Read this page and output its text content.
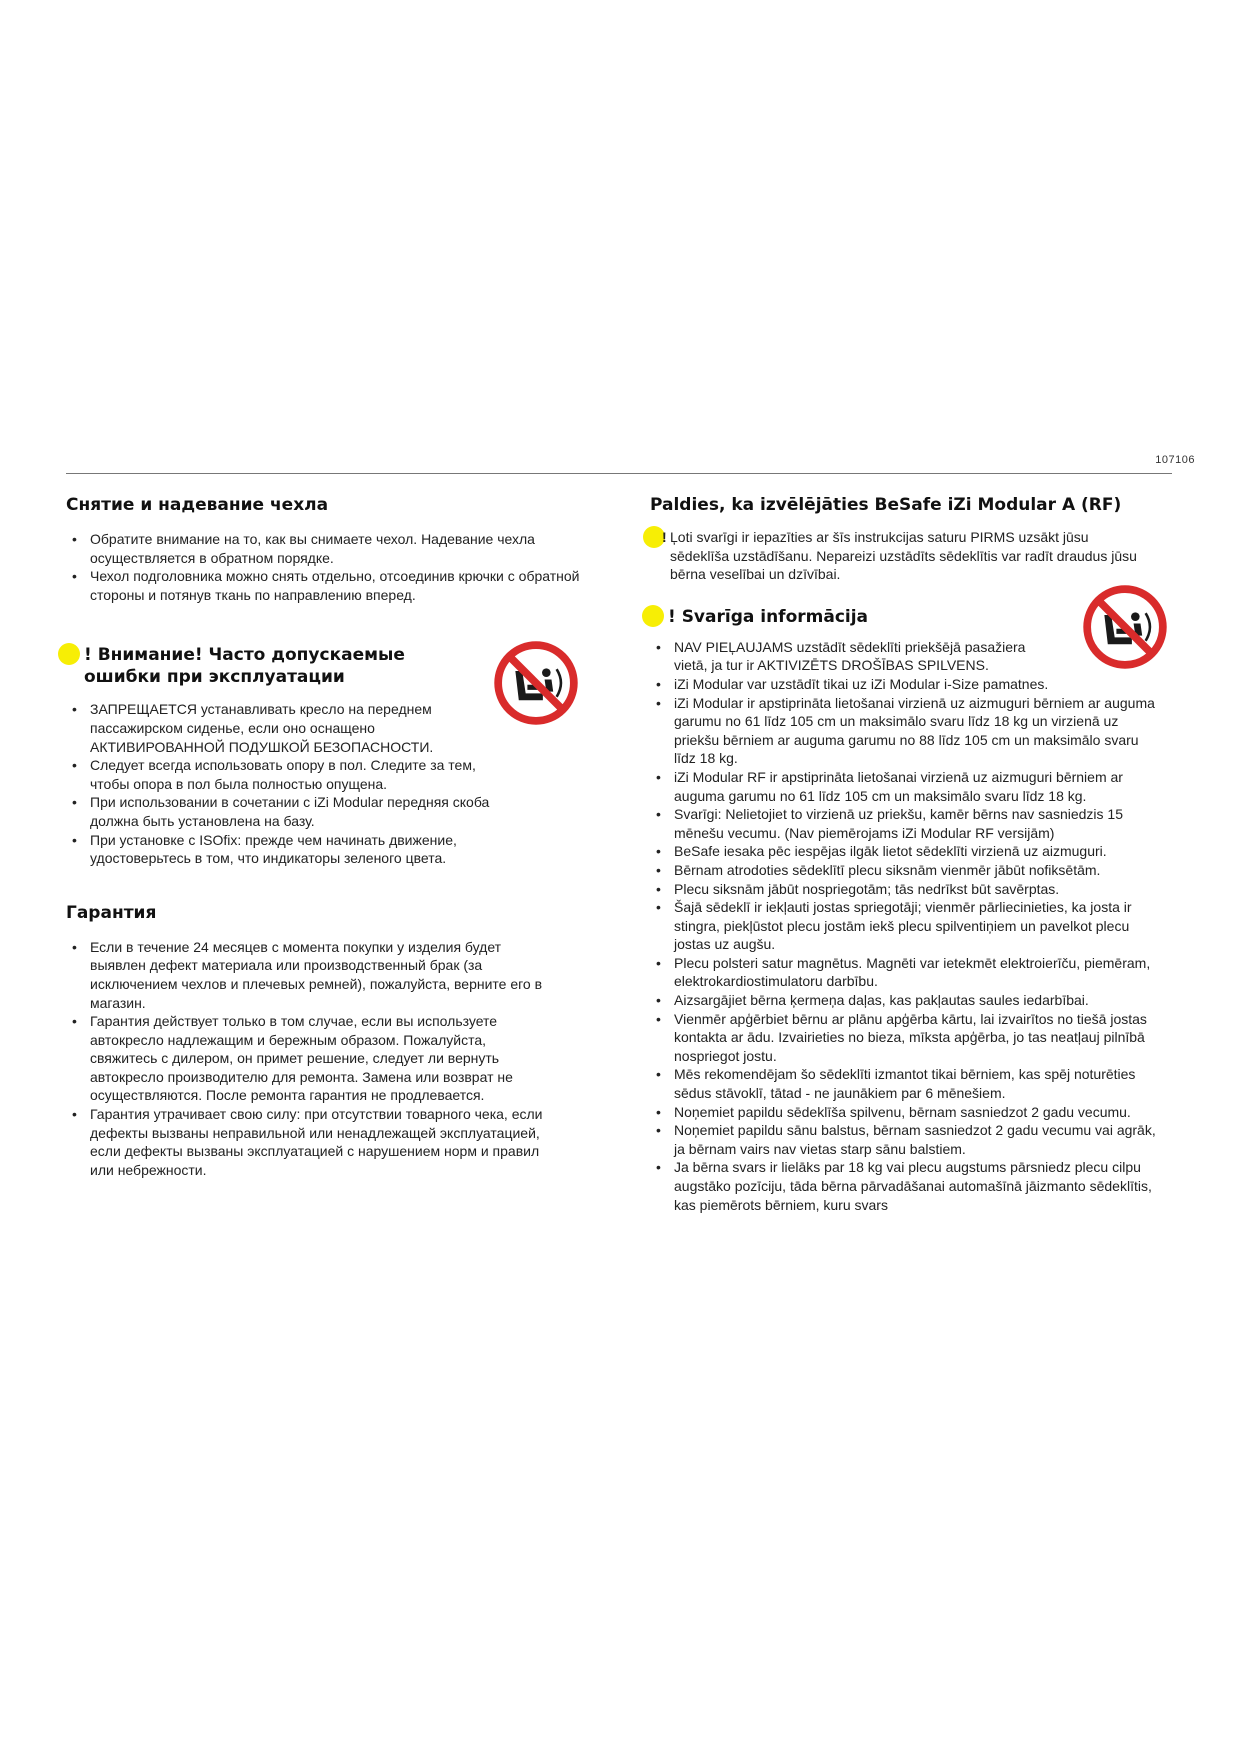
107106
Снятие и надевание чехла
• Обратите внимание на то, как вы снимаете чехол. Надевание чехла осуществляется в обратном порядке.
• Чехол подголовника можно снять отдельно, отсоединив крючки с обратной стороны и потянув ткань по направлению вперед.
! Внимание! Часто допускаемые ошибки при эксплуатации
• ЗАПРЕЩАЕТСЯ устанавливать кресло на переднем пассажирском сиденье, если оно оснащено АКТИВИРОВАННОЙ ПОДУШКОЙ БЕЗОПАСНОСТИ.
• Следует всегда использовать опору в пол. Следите за тем, чтобы опора в пол была полностью опущена.
• При использовании в сочетании с iZi Modular передняя скоба должна быть установлена на базу.
• При установке с ISOfix: прежде чем начинать движение, удостоверьтесь в том, что индикаторы зеленого цвета.
Гарантия
• Если в течение 24 месяцев с момента покупки у изделия будет выявлен дефект материала или производственный брак (за исключением чехлов и плечевых ремней), пожалуйста, верните его в магазин.
• Гарантия действует только в том случае, если вы используете автокресло надлежащим и бережным образом. Пожалуйста, свяжитесь с дилером, он примет решение, следует ли вернуть автокресло производителю для ремонта. Замена или возврат не осуществляются. После ремонта гарантия не продлевается.
• Гарантия утрачивает свою силу: при отсутствии товарного чека, если дефекты вызваны неправильной или ненадлежащей эксплуатацией, если дефекты вызваны эксплуатацией с нарушением норм и правил или небрежности.
Paldies, ka izvēlējāties BeSafe iZi Modular A (RF)
! Ļoti svarīgi ir iepazīties ar šīs instrukcijas saturu PIRMS uzsākt jūsu sēdeklīša uzstādīšanu. Nepareizi uzstādīts sēdeklītis var radīt draudus jūsu bērna veselībai un dzīvībai.
! Svarīga informācija
• NAV PIEĻAUJAMS uzstādīt sēdeklīti priekšējā pasažiera vietā, ja tur ir AKTIVIZĒTS DROŠĪBAS SPILVENS.
• iZi Modular var uzstādīt tikai uz iZi Modular i-Size pamatnes.
• iZi Modular ir apstiprināta lietošanai virzienā uz aizmuguri bērniem ar auguma garumu no 61 līdz 105 cm un maksimālo svaru līdz 18 kg un virzienā uz priekšu bērniem ar auguma garumu no 88 līdz 105 cm un maksimālo svaru līdz 18 kg.
• iZi Modular RF ir apstiprināta lietošanai virzienā uz aizmuguri bērniem ar auguma garumu no 61 līdz 105 cm un maksimālo svaru līdz 18 kg.
• Svarīgi: Nelietojiet to virzienā uz priekšu, kamēr bērns nav sasniedzis 15 mēnešu vecumu. (Nav piemērojams iZi Modular RF versijām)
• BeSafe iesaka pēc iespējas ilgāk lietot sēdeklīti virzienā uz aizmuguri.
• Bērnam atrodoties sēdeklītī plecu siksnām vienmēr jābūt nofiksētām.
• Plecu siksnām jābūt nospriegotām; tās nedrīkst būt savērptas.
• Šajā sēdeklī ir iekļauti jostas spriegotāji; vienmēr pārliecinieties, ka josta ir stingra, piekļūstot plecu jostām iekš plecu spilventiņiem un pavelkot plecu jostas uz augšu.
• Plecu polsteri satur magnētus. Magnēti var ietekmēt elektroierīču, piemēram, elektrokardiostimulatoru darbību.
• Aizsargājiet bērna ķermeņa daļas, kas pakļautas saules iedarbībai.
• Vienmēr apģērbiet bērnu ar plānu apģērba kārtu, lai izvairītos no tiešā jostas kontakta ar ādu. Izvairieties no bieza, mīksta apģērba, jo tas neatļauj pilnībā nospriegot jostu.
• Mēs rekomendējam šo sēdeklīti izmantot tikai bērniem, kas spēj noturēties sēdus stāvoklī, tātad - ne jaunākiem par 6 mēnešiem.
• Noņemiet papildu sēdeklīša spilvenu, bērnam sasniedzot 2 gadu vecumu.
• Noņemiet papildu sānu balstus, bērnam sasniedzot 2 gadu vecumu vai agrāk, ja bērnam vairs nav vietas starp sānu balstiem.
• Ja bērna svars ir lielāks par 18 kg vai plecu augstums pārsniedz plecu cilpu augstāko pozīciju, tāda bērna pārvadāšanai automašīnā jāizmanto sēdeklītis, kas piemērots bērniem, kuru svars
